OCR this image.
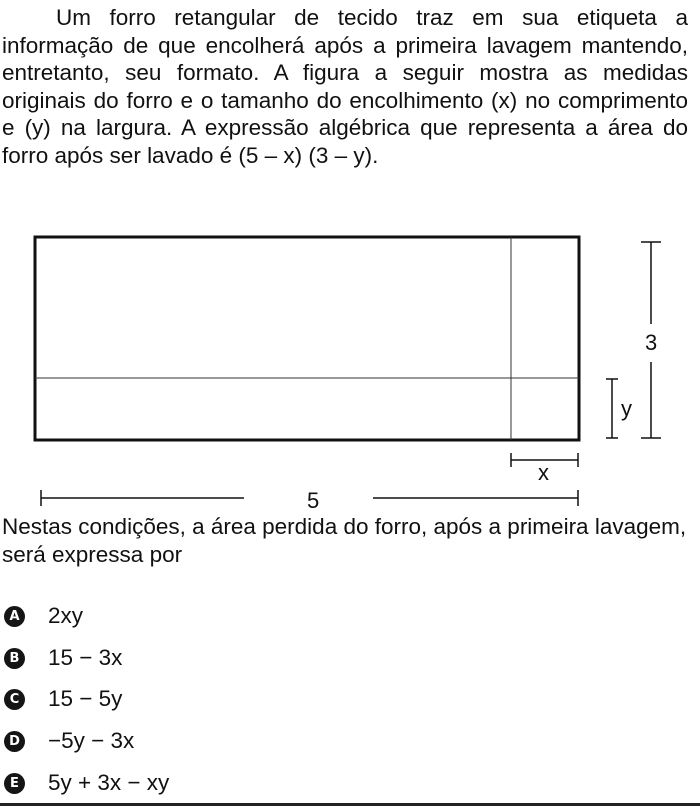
Um forro retangular de tecido traz em sua etiqueta a informação de que encolherá após a primeira lavagem mantendo, entretanto, seu formato. A figura a seguir mostra as medidas originais do forro e o tamanho do encolhimento (x) no comprimento e (y) na largura. A expressão algébrica que representa a área do forro após ser lavado é (5 – x) (3 – y).

3
y
x
5

Nestas condições, a área perdida do forro, após a primeira lavagem, será expressa por

A 2xy
B 15 − 3x
C 15 − 5y
D −5y − 3x
E 5y + 3x − xy
